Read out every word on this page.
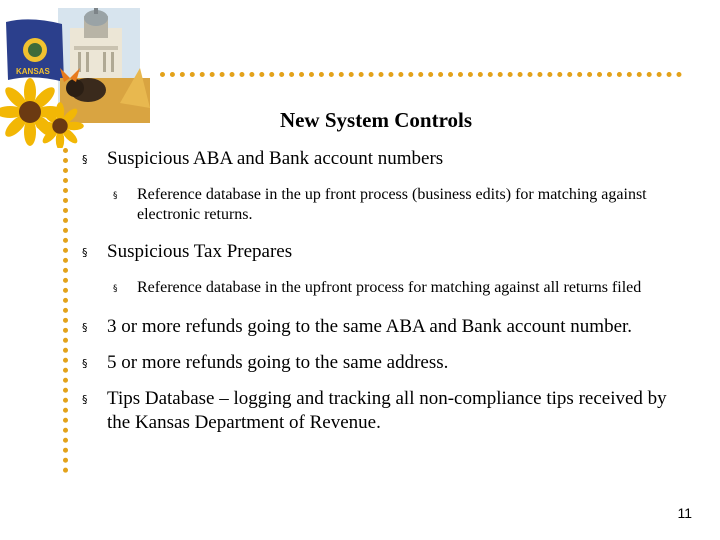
KANSAS
New System Controls
§ Suspicious ABA and Bank account numbers
§ Reference database in the up front process (business edits) for matching against electronic returns.
§ Suspicious Tax Prepares
§ Reference database in the upfront process for matching against all returns filed
§ 3 or more refunds going to the same ABA and Bank account number.
§ 5 or more refunds going to the same address.
§ Tips Database – logging and tracking all non-compliance tips received by the Kansas Department of Revenue.
11
